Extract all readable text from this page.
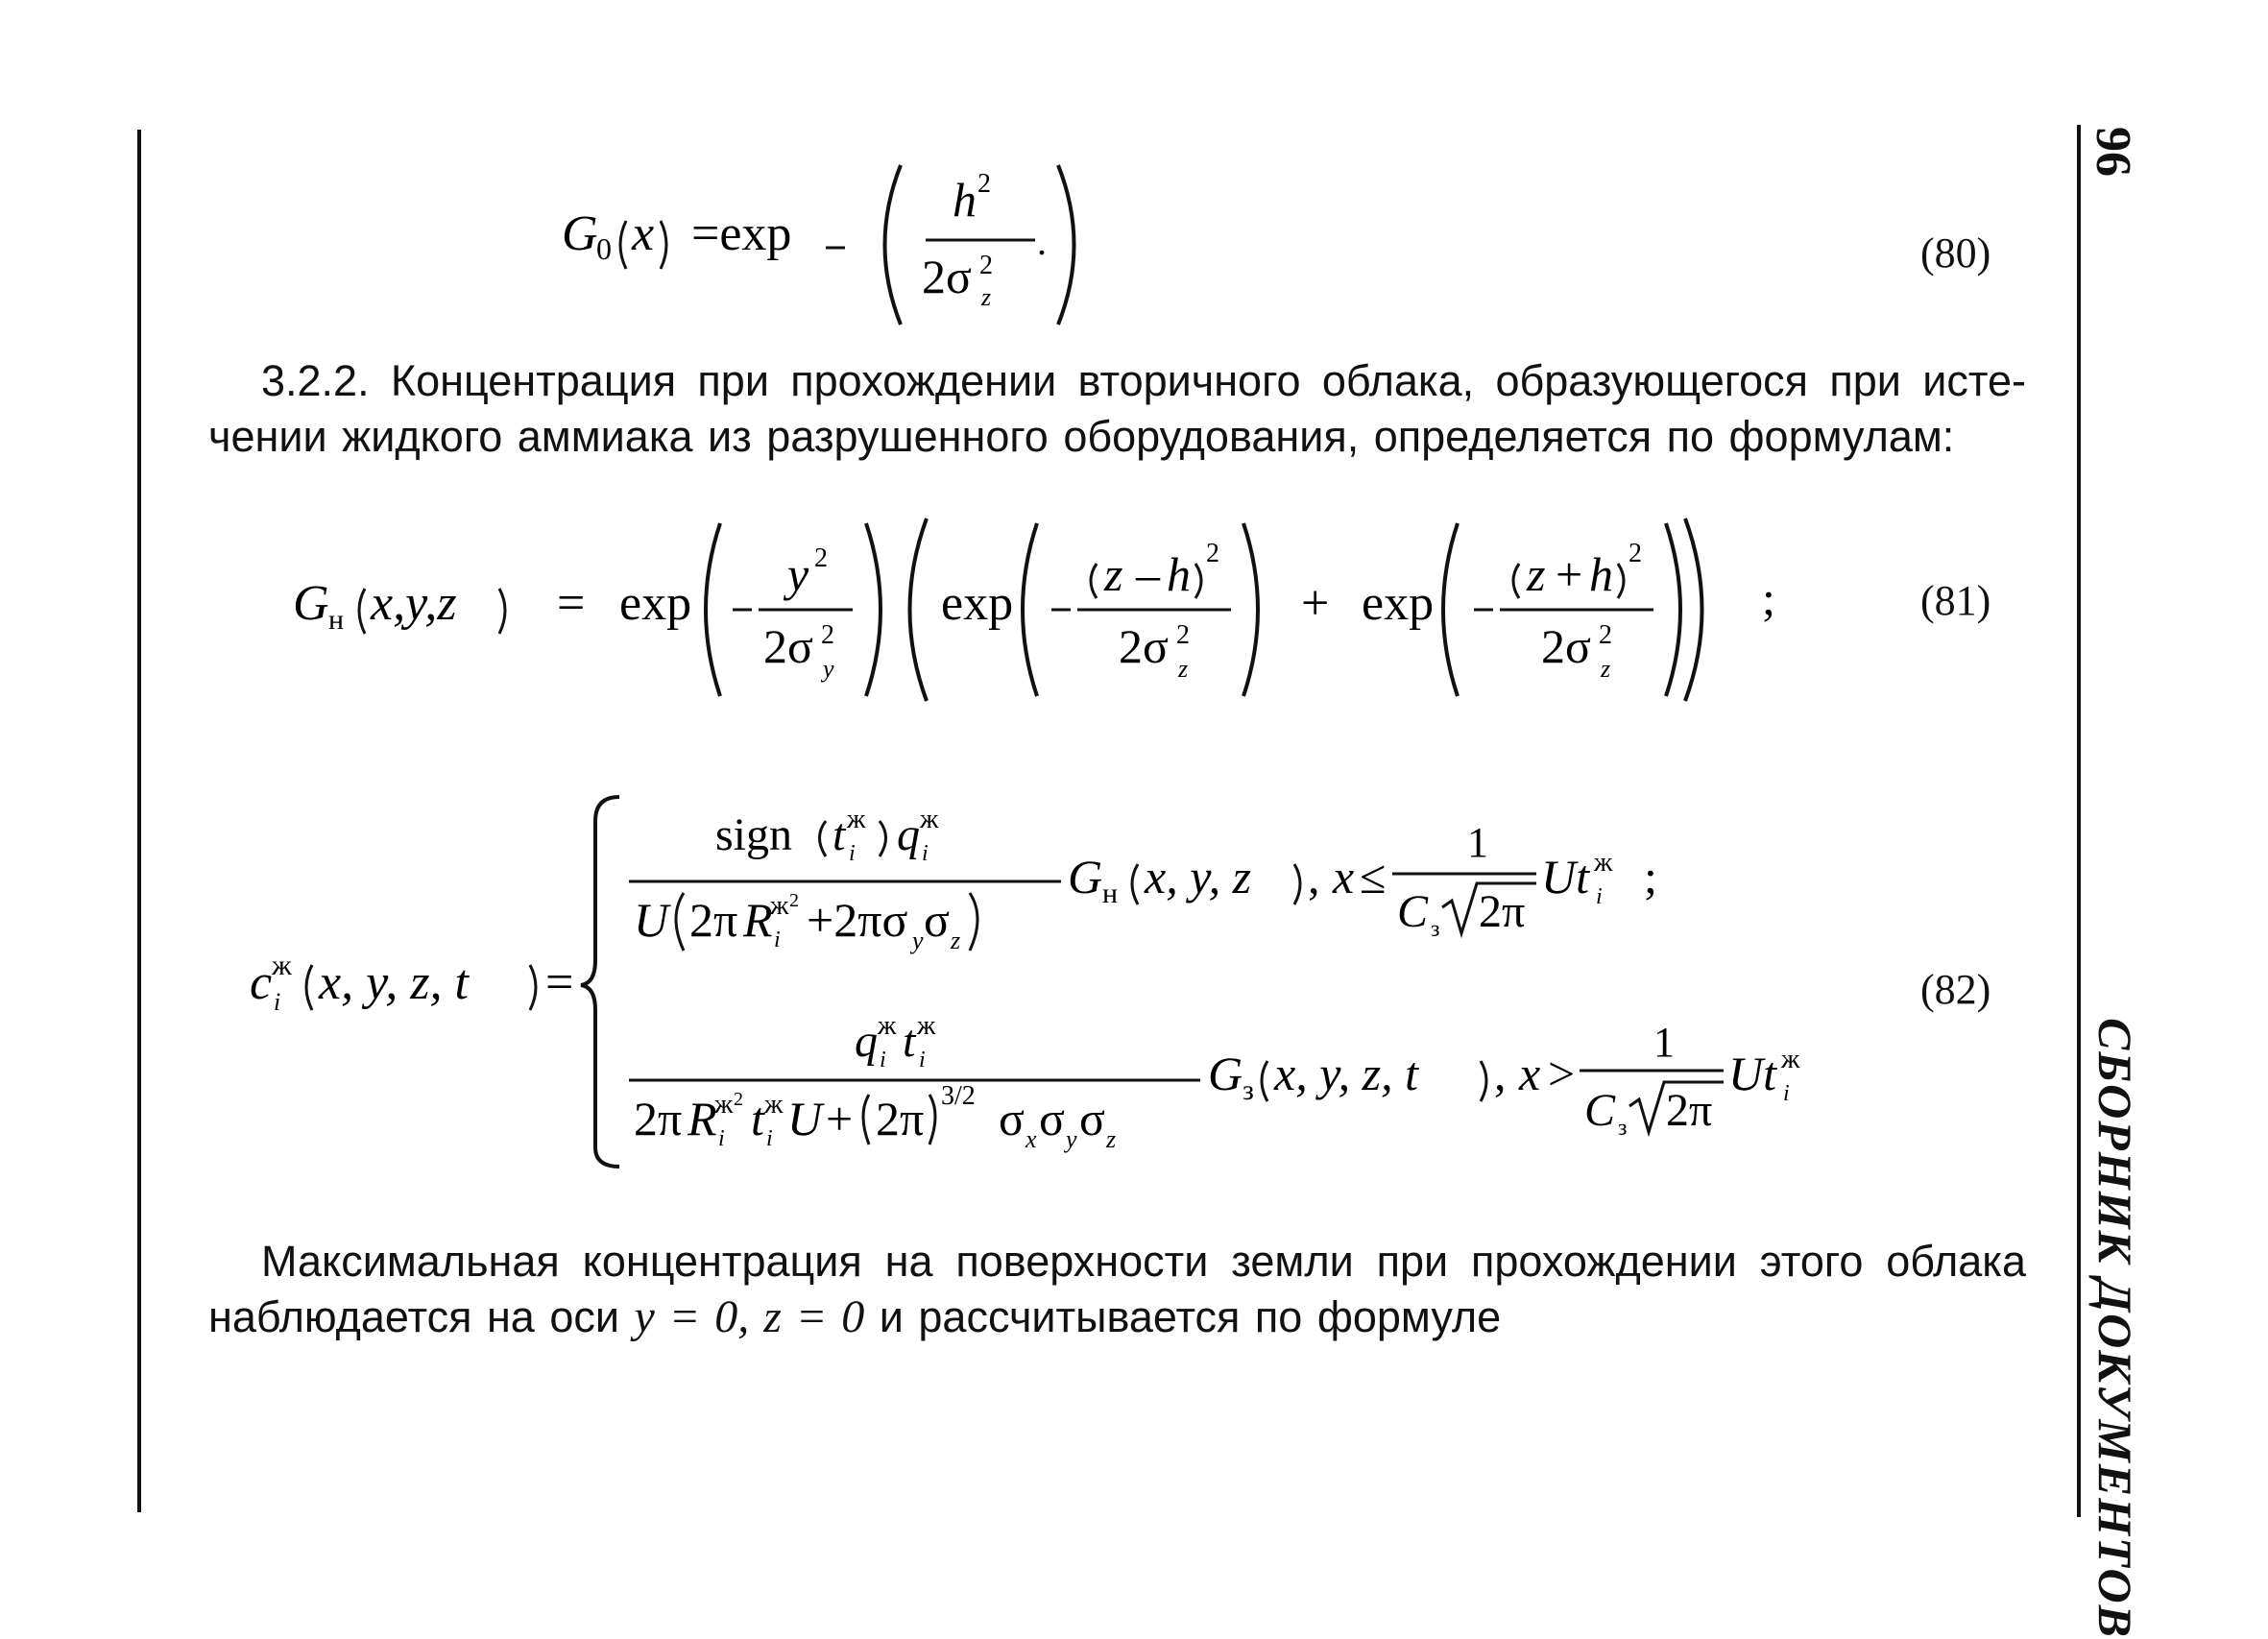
96
СБОРНИК ДОКУМЕНТОВ
G
0 x =exp
h 2
2σ 2
z
.	(80)
3.2.2. Концентрация при прохождении вторичного облака, образующегося при исте-
чении жидкого аммиака из разрушенного оборудования, определяется по формулам:
G н x,y,z = exp
y 2
2σ 2
y
exp
z – h 2
2σ 2
z
+ exp
z + h 2
2σ 2
z
;	(81)
c ж
i x, y, z, t =
sign t ж
i q ж
i
U 2π R
ж 2
i +2πσ y σ z
G н x, y, z , x ≤
1
C з 2π
Ut ж
i ;
q ж
i t ж
i
2π R
ж 2
i t ж
i U + 2π 3/2 σ x σ y σ z
G з x, y, z, t , x >
1
C з 2π
Ut ж
i
(82)
Максимальная концентрация на поверхности земли при прохождении этого облака
наблюдается на оси y = 0, z = 0 и рассчитывается по формуле
